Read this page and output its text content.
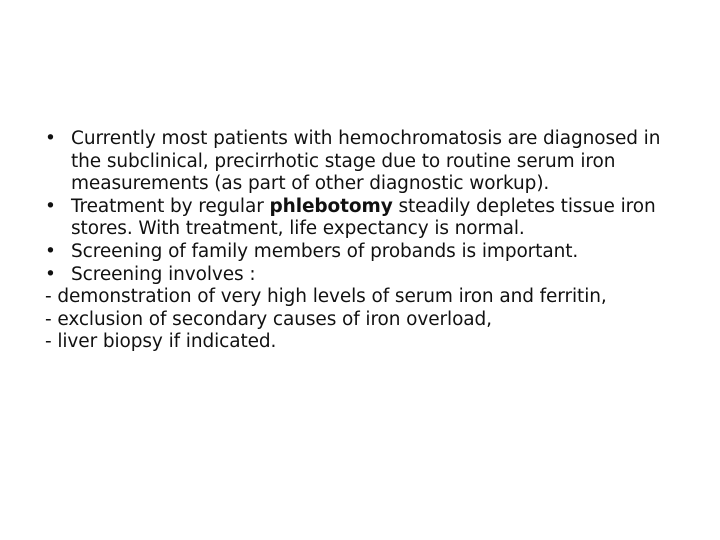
• Currently most patients with hemochromatosis are diagnosed in the subclinical, precirrhotic stage due to routine serum iron measurements (as part of other diagnostic workup).
• Treatment by regular phlebotomy steadily depletes tissue iron stores. With treatment, life expectancy is normal.
• Screening of family members of probands is important.
• Screening involves :

- demonstration of very high levels of serum iron and ferritin,

- exclusion of secondary causes of iron overload,

- liver biopsy if indicated.
